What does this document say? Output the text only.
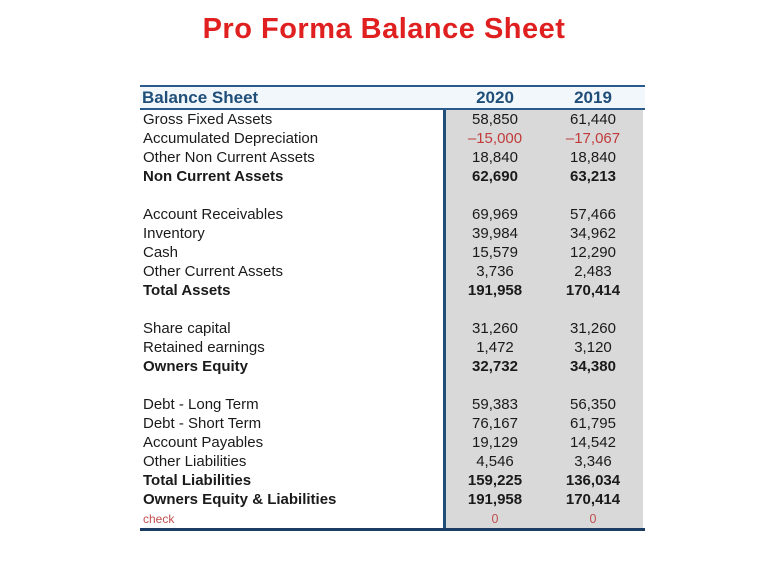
Pro Forma Balance Sheet
Balance Sheet	2020	2019
Gross Fixed Assets	58,850	61,440
Accumulated Depreciation	–15,000	–17,067
Other Non Current Assets	18,840	18,840
Non Current Assets	62,690	63,213
Account Receivables	69,969	57,466
Inventory	39,984	34,962
Cash	15,579	12,290
Other Current Assets	3,736	2,483
Total Assets	191,958	170,414
Share capital	31,260	31,260
Retained earnings	1,472	3,120
Owners Equity	32,732	34,380
Debt - Long Term	59,383	56,350
Debt - Short Term	76,167	61,795
Account Payables	19,129	14,542
Other Liabilities	4,546	3,346
Total Liabilities	159,225	136,034
Owners Equity & Liabilities	191,958	170,414
check	0	0
